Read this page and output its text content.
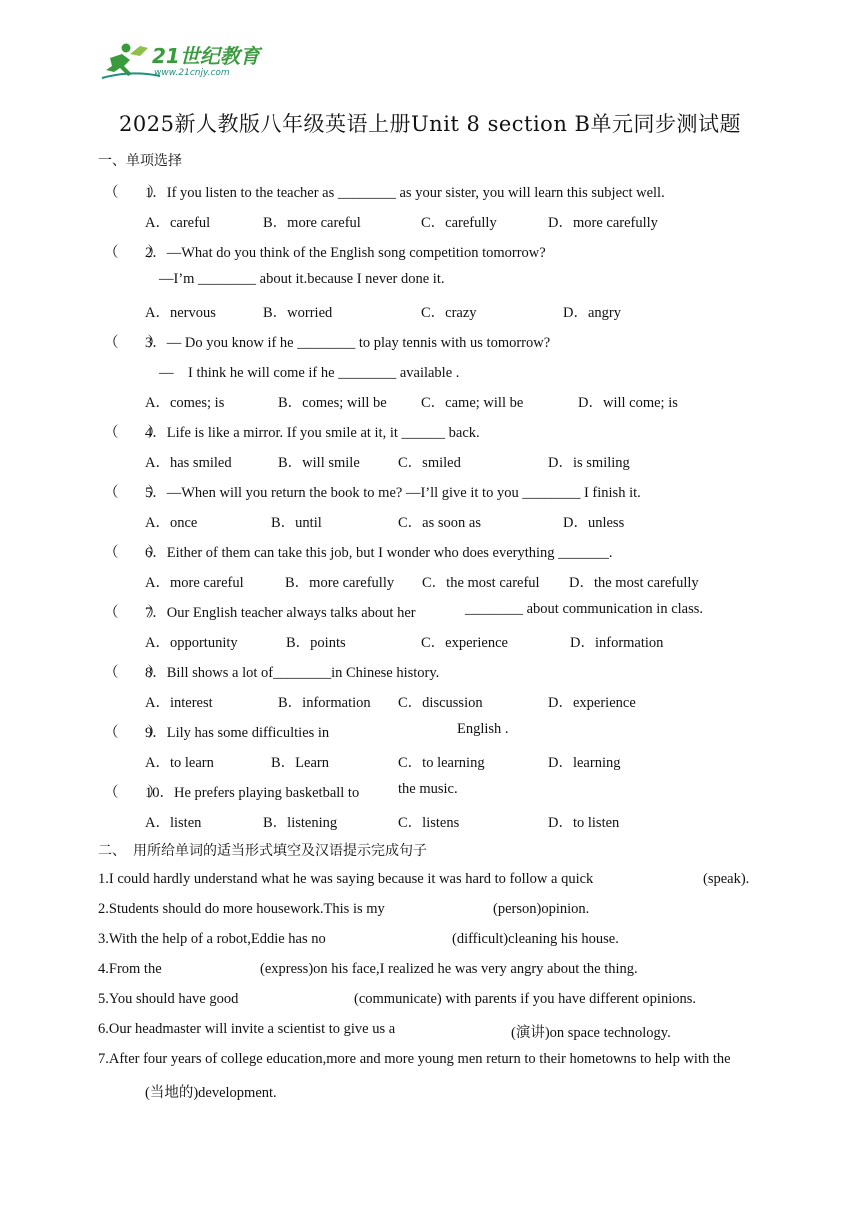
21世纪教育
www.21cnjy.com
2025新人教版八年级英语上册Unit 8 section B单元同步测试题
一、单项选择
（　　）
1．If you listen to the teacher as ________ as your sister, you will learn this subject well.
A．careful	B．more careful	C．carefully	D．more carefully
（　　）
2．—What do you think of the English song competition tomorrow?
—I’m ________ about it.because I never done it.
A．nervous	B．worried	C．crazy	D．angry
（　　）
3．— Do you know if he ________ to play tennis with us tomorrow?
—　I think he will come if he ________ available .
A．comes; is	B．comes; will be C．came; will be	D．will come; is
（　　）
4．Life is like a mirror. If you smile at it, it ______ back.
A．has smiled	B．will smile	C．smiled	D．is smiling
（　　）
5．—When will you return the book to me? —I’ll give it to you ________ I finish it.
A．once	B．until	C．as soon as	D．unless
（　　）
6．Either of them can take this job, but I wonder who does everything _______.
A．more careful	B．more carefully C．the most careful D．the most carefully
（　　）
7．Our English teacher always talks about her	________ about communication in class.
A．opportunity	B．points	C．experience	D．information
（　　）
8．Bill shows a lot of________in Chinese history.
A．interest	B．information C．discussion	D．experience
（　　）
9．Lily has some difficulties in	English .
A．to learn	B．Learn	C．to learning	D．learning
（　　）
10．He prefers playing basketball to	the music.
A．listen	B．listening	C．listens	D．to listen
二、　用所给单词的适当形式填空及汉语提示完成句子
1.I could hardly understand what he was saying because it was hard to follow a quick	(speak).
2.Students should do more housework.This is my	(person)opinion.
3.With the help of a robot,Eddie has no	(difficult)cleaning his house.
4.From the	(express)on his face,I realized he was very angry about the thing.
5.You should have good	(communicate) with parents if you have different opinions.
6.Our headmaster will invite a scientist to give us a	(演讲)on space technology.
7.After four years of college education,more and more young men return to their hometowns to help with the
(当地的)development.
